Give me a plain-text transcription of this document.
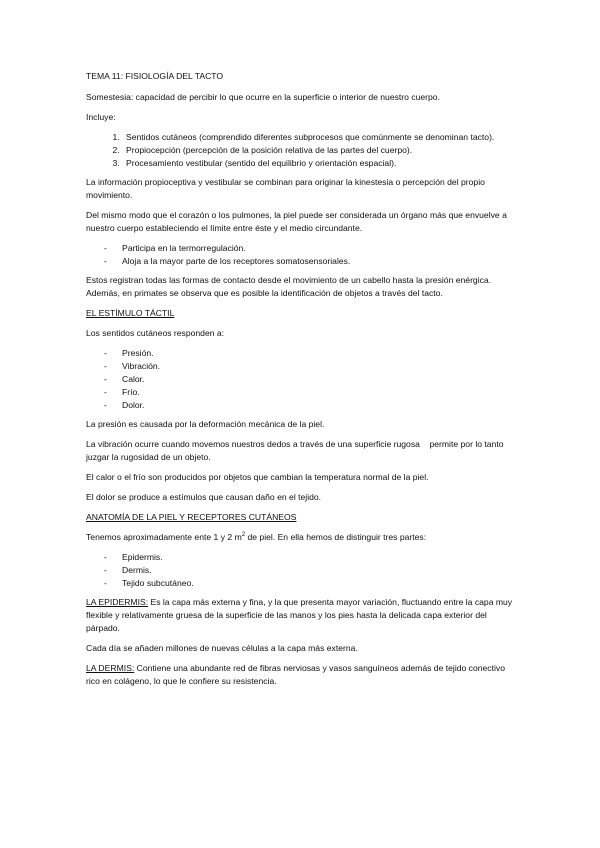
TEMA 11: FISIOLOGÍA DEL TACTO

Somestesia: capacidad de percibir lo que ocurre en la superficie o interior de nuestro cuerpo.

Incluye:

1. Sentidos cutáneos (comprendido diferentes subprocesos que comúnmente se denominan tacto).
2. Propiocepción (percepción de la posición relativa de las partes del cuerpo).
3. Procesamiento vestibular (sentido del equilibrio y orientación espacial).

La información propioceptiva y vestibular se combinan para originar la kinestesia o percepción del propio movimiento.

Del mismo modo que el corazón o los pulmones, la piel puede ser considerada un órgano más que envuelve a nuestro cuerpo estableciendo el límite entre éste y el medio circundante.

- Participa en la termorregulación.
- Aloja a la mayor parte de los receptores somatosensoriales.

Estos registran todas las formas de contacto desde el movimiento de un cabello hasta la presión enérgica. Además, en primates se observa que es posible la identificación de objetos a través del tacto.

EL ESTÍMULO TÁCTIL

Los sentidos cutáneos responden a:

- Presión.
- Vibración.
- Calor.
- Frío.
- Dolor.

La presión es causada por la deformación mecánica de la piel.

La vibración ocurre cuando movemos nuestros dedos a través de una superficie rugosa    permite por lo tanto juzgar la rugosidad de un objeto.

El calor o el frío son producidos por objetos que cambian la temperatura normal de la piel.

El dolor se produce a estímulos que causan daño en el tejido.

ANATOMÍA DE LA PIEL Y RECEPTORES CUTÁNEOS

Tenemos aproximadamente ente 1 y 2 $m^2$ de piel. En ella hemos de distinguir tres partes:

- Epidermis.
- Dermis.
- Tejido subcutáneo.

LA EPIDERMIS: Es la capa más externa y fina, y la que presenta mayor variación, fluctuando entre la capa muy flexible y relativamente gruesa de la superficie de las manos y los pies hasta la delicada capa exterior del párpado.

Cada día se añaden millones de nuevas células a la capa más externa.

LA DERMIS: Contiene una abundante red de fibras nerviosas y vasos sanguíneos además de tejido conectivo rico en colágeno, lo que le confiere su resistencia.
